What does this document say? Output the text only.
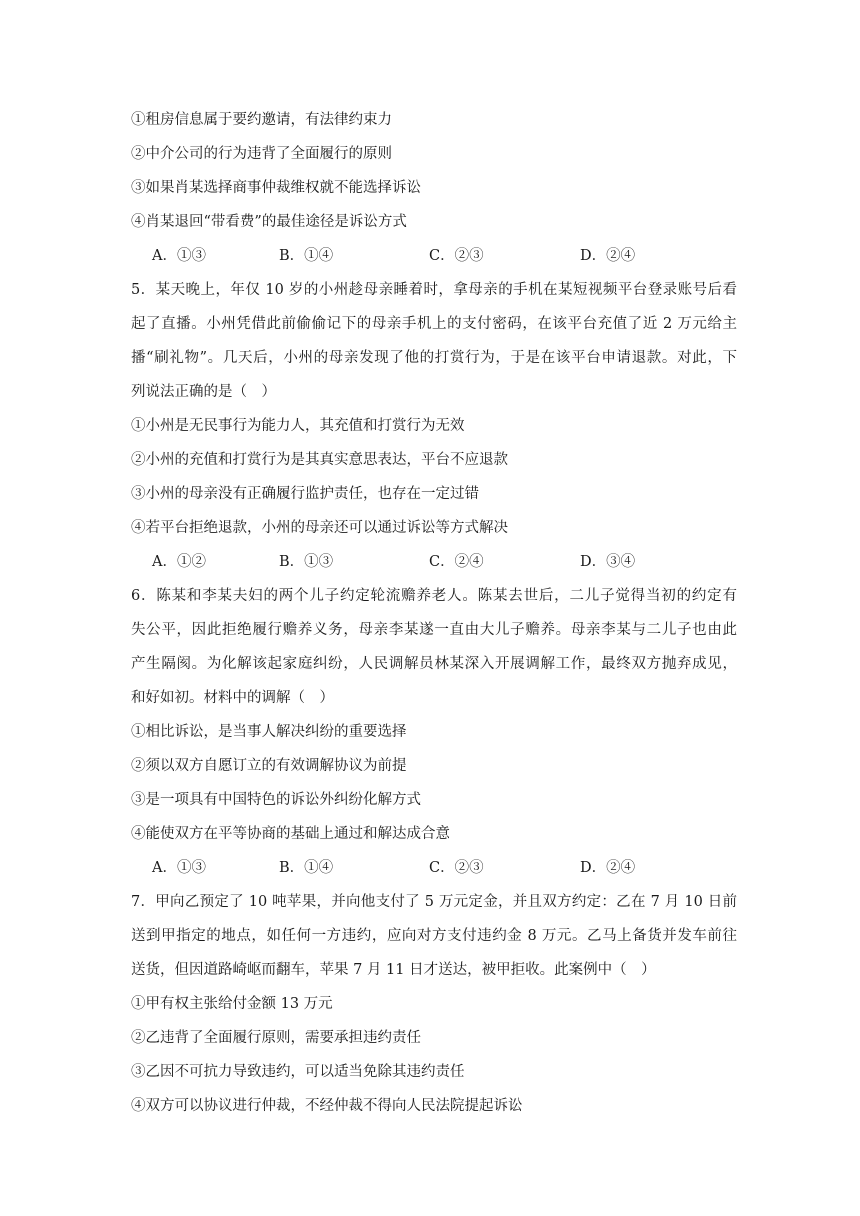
①租房信息属于要约邀请，有法律约束力
②中介公司的行为违背了全面履行的原则
③如果肖某选择商事仲裁维权就不能选择诉讼
④肖某退回“带看费”的最佳途径是诉讼方式
A．①③	B．①④	C．②③	D．②④
5．某天晚上，年仅 10 岁的小州趁母亲睡着时，拿母亲的手机在某短视频平台登录账号后看
起了直播。小州凭借此前偷偷记下的母亲手机上的支付密码，在该平台充值了近 2 万元给主
播“刷礼物”。几天后，小州的母亲发现了他的打赏行为，于是在该平台申请退款。对此，下
列说法正确的是（　）
①小州是无民事行为能力人，其充值和打赏行为无效
②小州的充值和打赏行为是其真实意思表达，平台不应退款
③小州的母亲没有正确履行监护责任，也存在一定过错
④若平台拒绝退款，小州的母亲还可以通过诉讼等方式解决
A．①②	B．①③	C．②④	D．③④
6．陈某和李某夫妇的两个儿子约定轮流赡养老人。陈某去世后，二儿子觉得当初的约定有
失公平，因此拒绝履行赡养义务，母亲李某遂一直由大儿子赡养。母亲李某与二儿子也由此
产生隔阂。为化解该起家庭纠纷，人民调解员林某深入开展调解工作，最终双方抛弃成见，
和好如初。材料中的调解（　）
①相比诉讼，是当事人解决纠纷的重要选择
②须以双方自愿订立的有效调解协议为前提
③是一项具有中国特色的诉讼外纠纷化解方式
④能使双方在平等协商的基础上通过和解达成合意
A．①③	B．①④	C．②③	D．②④
7．甲向乙预定了 10 吨苹果，并向他支付了 5 万元定金，并且双方约定：乙在 7 月 10 日前
送到甲指定的地点，如任何一方违约，应向对方支付违约金 8 万元。乙马上备货并发车前往
送货，但因道路崎岖而翻车，苹果 7 月 11 日才送达，被甲拒收。此案例中（　）
①甲有权主张给付金额 13 万元
②乙违背了全面履行原则，需要承担违约责任
③乙因不可抗力导致违约，可以适当免除其违约责任
④双方可以协议进行仲裁，不经仲裁不得向人民法院提起诉讼
